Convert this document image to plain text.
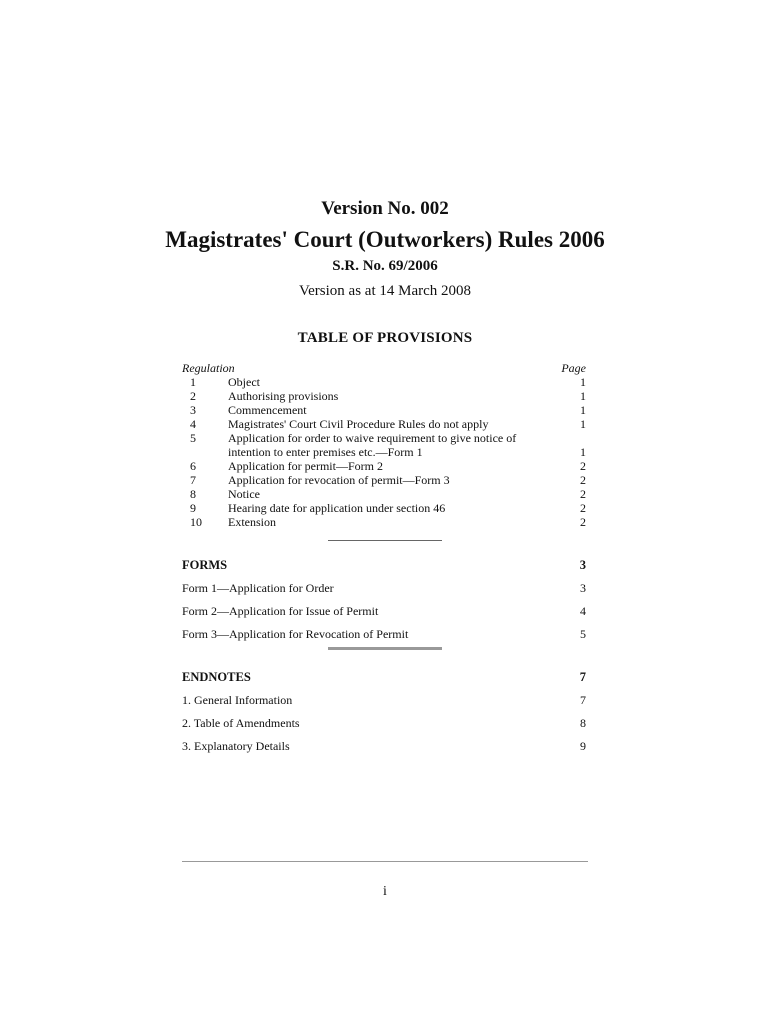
Version No. 002
Magistrates' Court (Outworkers) Rules 2006
S.R. No. 69/2006
Version as at 14 March 2008
TABLE OF PROVISIONS
Regulation	Page
1	Object	1
2	Authorising provisions	1
3	Commencement	1
4	Magistrates' Court Civil Procedure Rules do not apply	1
5	Application for order to waive requirement to give notice of intention to enter premises etc.—Form 1	1
6	Application for permit—Form 2	2
7	Application for revocation of permit—Form 3	2
8	Notice	2
9	Hearing date for application under section 46	2
10	Extension	2
FORMS	3
Form 1—Application for Order	3
Form 2—Application for Issue of Permit	4
Form 3—Application for Revocation of Permit	5
ENDNOTES	7
1. General Information	7
2. Table of Amendments	8
3. Explanatory Details	9
i
